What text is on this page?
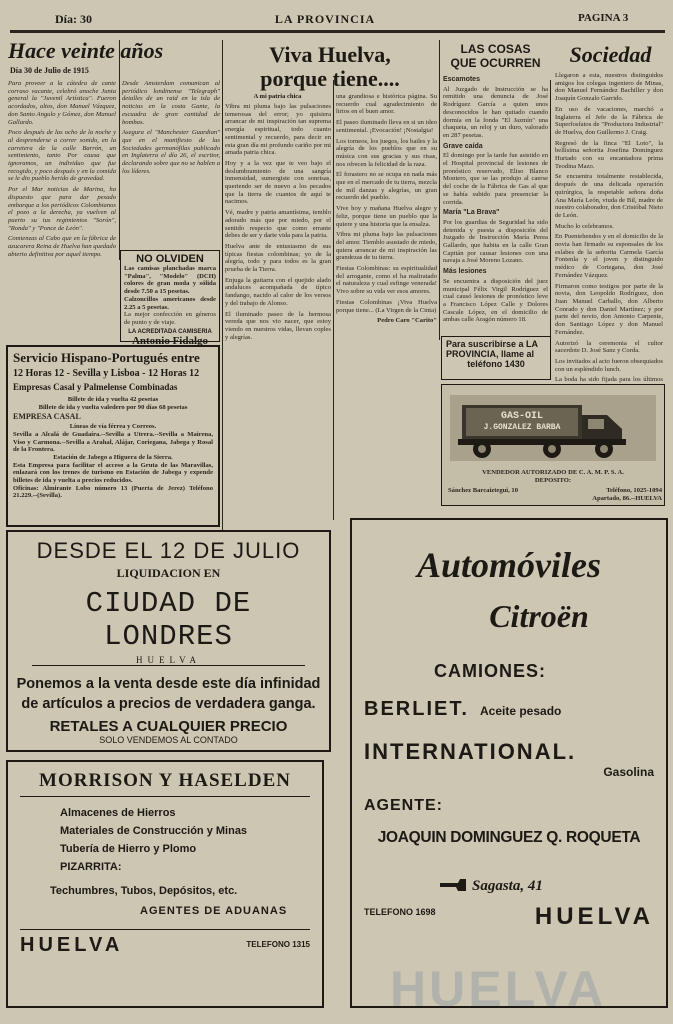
Día: 30	LA PROVINCIA	PAGINA 3
Hace veinte años
Día 30 de Julio de 1915

Para proveer a la cátedra de cante corraso vacante, celebró anoche Junta general la "Juvenil Artística". Fueron acordados, altos, don Manuel Vázquez, don Santo Angulo y Gómez, don Manuel Gallardo.

Poco después de las ocho de la noche y al desprenderse a correr sonido, en la carretera de la calle Barrón, un sentimiento, tanto Por causa que ignoramos, un individuo que fue recogido, y poco después y en la comida se le dio pueblo herido de gravedad.

Por el Mar noticias de Marina, ha dispuesto que para dar pesado embarque a los periódicos Colombianos el pozo a la derecha, ya vuelven al puerto su tus regimientos "Sorón", "Ronda" y "Ponce de León".

Comienzas al Cabo que en la fábrica de azucarera Reina de Huelva han quedado abierto definitiva por aquel tiempo.

Desde Amsterdam comunican al periódico londinense "Telegraph" detalles de un raid en la isla de noticias en la costa Gante, la escuadra de gran cantidad de bombas.

Asegura el "Manchester Guardian" que en el manifiesto de las Sociedades germanófilas publicado en Inglaterra el día 26, el escritor, declarando sobre que no se hablen a los líderes.

NO OLVIDEN
Las camisas planchadas marca "Palma", "Modelo" (DCH) colores de gran moda y sólida desde 7.50 a 15 pesetas.
Calzoncillos americanos desde 2.25 a 5 pesetas.
La mejor confección en géneros de punto y de viaje.
LA ACREDITADA CAMISERIA
Antonio Fidalgo
Servicio Hispano-Portugués entre
12 Horas 12 - Sevilla y Lisboa - 12 Horas 12
Empresas Casal y Palmelense Combinadas
Billete de ida y vuelta 42 pesetas
Billete de ida y vuelta valedero por 90 días 68 pesetas
EMPRESA CASAL
Líneas de vía férrea y Correos.
Sevilla a Alcalá de Guadaíra.--Sevilla a Utrera.--Sevilla a Mairena, Viso y Carmona.--Sevilla a Arahal, Alájar, Coriegana, Jabega y Rosal de la Frontera.
Estación de Jabego a Higuera de la Sierra.
Esta Empresa para facilitar el acceso a la Gruta de las Maravillas, enlazará con los trenes de turismo en Estación de Jabega y expende billetes de ida y vuelta a precios reducidos.
Oficinas: Almirante Lobo número 13 (Puerta de Jerez) Teléfono 21.229.--(Sevilla).
Viva Huelva,
porque tiene....
A mi patria chica

Vibra mi pluma bajo las pulsaciones temerosas del error; yo quisiera arrancar de mi inspiración tan suprema energía espiritual, todo cuanto sentimental y recuerdo, para decir en esta gran día mi profundo cariño por mi amada patria chica.

Hoy y a la vez que te veo bajo el deslumbramiento de una sangría inmensidad, sumergiste con sonrisas, queriendo ser de nuevo a los pecados que la tierra de cuantos de aquí te nacimos.

Vé, madre y patria amantísima, temblo adorado más que por miedo, por el sentido respecto que como errante debes de ser y darte vida para la patria.

Huelva ante de entusiasmo de sus típicas fiestas colombinas; yo de la alegría, todo y para todos es la gran prueba de la Tierra.

Enjuga la guitarra con el quejido alado andaluces acompañada de típico fandango, nacido al calor de los versos y del trabajo de Alonso.

El iluminado paseo de la hermosa vereda que nos vio nacer, que estoy viendo en nuestros vidas, llevan coples y alegrías.

una grandiosa e histórica página. Su recuerdo cual agradecimiento de lirios en el buen amor.

El paseo iluminado lleva en si un ideo sentimental. ¡Evocación! ¡Nostalgia!

Los torneos, los juegos, los bailes y la alegría de los pueblos que en su música con sus gracias y sus risas, nos ofrecen la felicidad de la raza.

El forastero no se ocupa en nada más que en el mercado de tu tierra, mezcla de mil danzas y alegrías, un gran recuerdo del pueblo.

Vive hoy y mañana Huelva alegre y feliz, porque tiene un pueblo que la quiere y una historia que la ensalza.

Vibra mi pluma bajo las pulsaciones del amor. Tiemblo asustado de miedo, quiera arrancar de mi inspiración las grandezas de tu tierra.

Fiestas Colombinas: su espiritualidad del arrogante, como el ha maltratado el naturaleza y cual esfinge venerada! Vivo sobre su vida ver esos amores.

Fiestas Colombinas ¡Viva Huelva porque tiene... (La Virgen de la Cinta)

Pedro Caro "Carito"

LAS COSAS
QUE OCURREN
Escamotes

Al Juzgado de Instrucción se ha remitido una denuncia de José Rodríguez García a quien unos desconocidos le han quitado cuando dormía en la fonda "El Jazmín" una chaqueta, un reloj y un duro, valorado en 287 pesetas.

Grave caída

El domingo por la tarde fue asistido en el Hospital provincial de lesiones de pronóstico reservado, Eliso Blanco Montero, que se las produjo al caerse del coche de la Fábrica de Gas al que se había subido para presenciar la corrida.

María "La Brava"

Por los guardias de Seguridad ha sido detenida y puesta a disposición del Juzgado de Instrucción María Perea Gallardo, que habita en la calle Gran Capitán por causar lesiones con una navaja a José Moreno Lozano.

Más lesiones

Se encuentra a disposición del juez municipal Félix Virgil Rodríguez el cual causó lesiones de pronóstico leve a Francisco López Calle y Dolores Cascale López, en el domicilio de ambas calle Aragón número 18.

Sociedad

Llegaron a esta, nuestros distinguidos amigos los colegas ingeniero de Minas, don Manuel Fernández Bachiller y don Joaquín Gonzalo Garrido.

En uso de vacaciones, marchó a Inglaterra el Jefe de la Fábrica de Superfosfatos de "Productora Industrial" de Huelva, don Guillermo J. Craig.

Regresó de la finca "El Loto", la bellísima señorita Josefina Dominguez Hurtado con su encantadora prima Teodina Mazo.

Se encuentra totalmente restablecida, después de una delicada operación quirúrgica, la respetable señora doña Ana María León, viuda de Bil, madre de nuestro colaborador, don Cristóbal Nieto de León.

Mucho lo celebramos.

En Puentehendos y en el domicilio de la novia han firmado su esponsales de los eslabes de la señorita Carmela García Fontenla y el joven y distinguido médico de Cortegana, don José Fernández Vázquez.

Firmaron como testigos por parte de la novia, don Leopoldo Rodríguez, don Juan Manuel Carballo, don Alberto Conrado y don Daniel Martínez; y por parte del novio, don Antonio Carpente, don Santiago López y don Manuel Fernández.

Autorizó la ceremonia el cultor sacerdote D. José Sanz y Corda.

Los invitados al acto fueron obsequiados con un espléndido lunch.

La boda ha sido fijada para los últimos

Para suscribirse a LA
PROVINCIA, llame al
teléfono 1430
GAS-OIL
J.GONZALEZ BARBA
VENDEDOR AUTORIZADO DE C. A. M. P. S. A.
DEPOSITO:
Sánchez Barcaiztegui, 10	Teléfono, 1025-1094
Apartado, 86.--HUELVA
DESDE EL 12 DE JULIO
LIQUIDACION EN
CIUDAD DE LONDRES
HUELVA
Ponemos a la venta desde este día infinidad de artículos a precios de verdadera ganga.
RETALES A CUALQUIER PRECIO
SOLO VENDEMOS AL CONTADO
Automóviles
Citroën
CAMIONES:
BERLIET. Aceite pesado
INTERNATIONAL.
Gasolina
AGENTE:
JOAQUIN DOMINGUEZ Q. ROQUETA
Sagasta, 41
TELEFONO 1698	HUELVA
MORRISON Y HASELDEN
Almacenes de Hierros
Materiales de Construcción y Minas
Tubería de Hierro y Plomo
PIZARRITA:
Techumbres, Tubos, Depósitos, etc.
AGENTES DE ADUANAS
HUELVA	TELEFONO 1315
HUELVA
